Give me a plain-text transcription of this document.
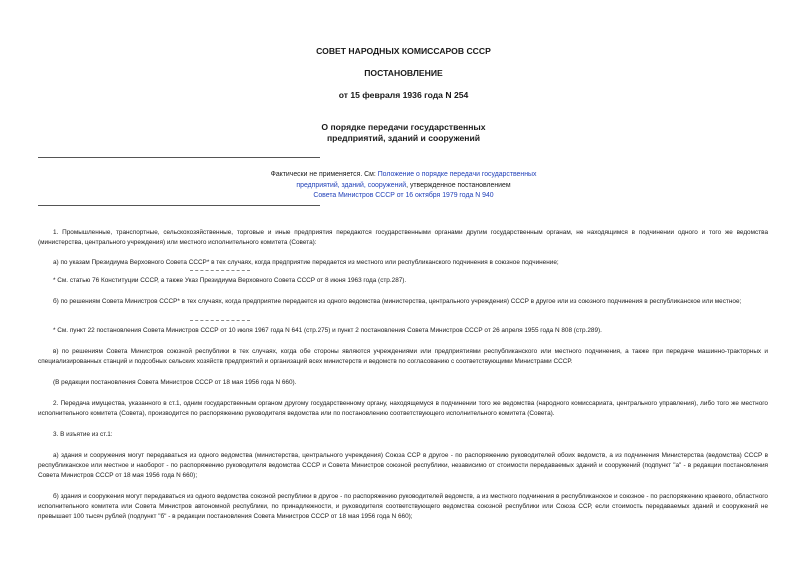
СОВЕТ НАРОДНЫХ КОМИССАРОВ СССР
ПОСТАНОВЛЕНИЕ
от 15 февраля 1936 года N 254
О порядке передачи государственных
предприятий, зданий и сооружений
Фактически не применяется. См: Положение о порядке передачи государственных
предприятий, зданий, сооружений, утвержденное постановлением
Совета Министров СССР от 16 октября 1979 года N 940
1. Промышленные, транспортные, сельскохозяйственные, торговые и иные предприятия передаются государственными органами другим государственным органам, не находящимся в подчинении одного и того же ведомства (министерства, центрального учреждения) или местного исполнительного комитета (Совета):
а) по указам Президиума Верховного Совета СССР* в тех случаях, когда предприятие передается из местного или республиканского подчинения в союзное подчинение;
* См. статью 76 Конституции СССР, а также Указ Президиума Верховного Совета СССР от 8 июня 1963 года (стр.287).
б) по решениям Совета Министров СССР* в тех случаях, когда предприятие передается из одного ведомства (министерства, центрального учреждения) СССР в другое или из союзного подчинения в республиканское или местное;
* См. пункт 22 постановления Совета Министров СССР от 10 июля 1967 года N 641 (стр.275) и пункт 2 постановления Совета Министров СССР от 26 апреля 1955 года N 808 (стр.289).
в) по решениям Совета Министров союзной республики в тех случаях, когда обе стороны являются учреждениями или предприятиями республиканского или местного подчинения, а также при передаче машинно-тракторных и специализированных станций и подсобных сельских хозяйств предприятий и организаций всех министерств и ведомств по согласованию с соответствующими Министрами СССР.
(В редакции постановления Совета Министров СССР от 18 мая 1956 года N 660).
2. Передача имущества, указанного в ст.1, одним государственным органом другому государственному органу, находящемуся в подчинении того же ведомства (народного комиссариата, центрального управления), либо того же местного исполнительного комитета (Совета), производится по распоряжению руководителя ведомства или по постановлению соответствующего исполнительного комитета (Совета).
3. В изъятие из ст.1:
а) здания и сооружения могут передаваться из одного ведомства (министерства, центрального учреждения) Союза ССР в другое - по распоряжению руководителей обоих ведомств, а из подчинения Министерства (ведомства) СССР в республиканское или местное и наоборот - по распоряжению руководителя ведомства СССР и Совета Министров союзной республики, независимо от стоимости передаваемых зданий и сооружений (подпункт "а" - в редакции постановления Совета Министров СССР от 18 мая 1956 года N 660);
б) здания и сооружения могут передаваться из одного ведомства союзной республики в другое - по распоряжению руководителей ведомств, а из местного подчинения в республиканское и союзное - по распоряжению краевого, областного исполнительного комитета или Совета Министров автономной республики, по принадлежности, и руководителя соответствующего ведомства союзной республики или Союза ССР, если стоимость передаваемых зданий и сооружений не превышает 100 тысяч рублей (подпункт "б" - в редакции постановления Совета Министров СССР от 18 мая 1956 года N 660);
